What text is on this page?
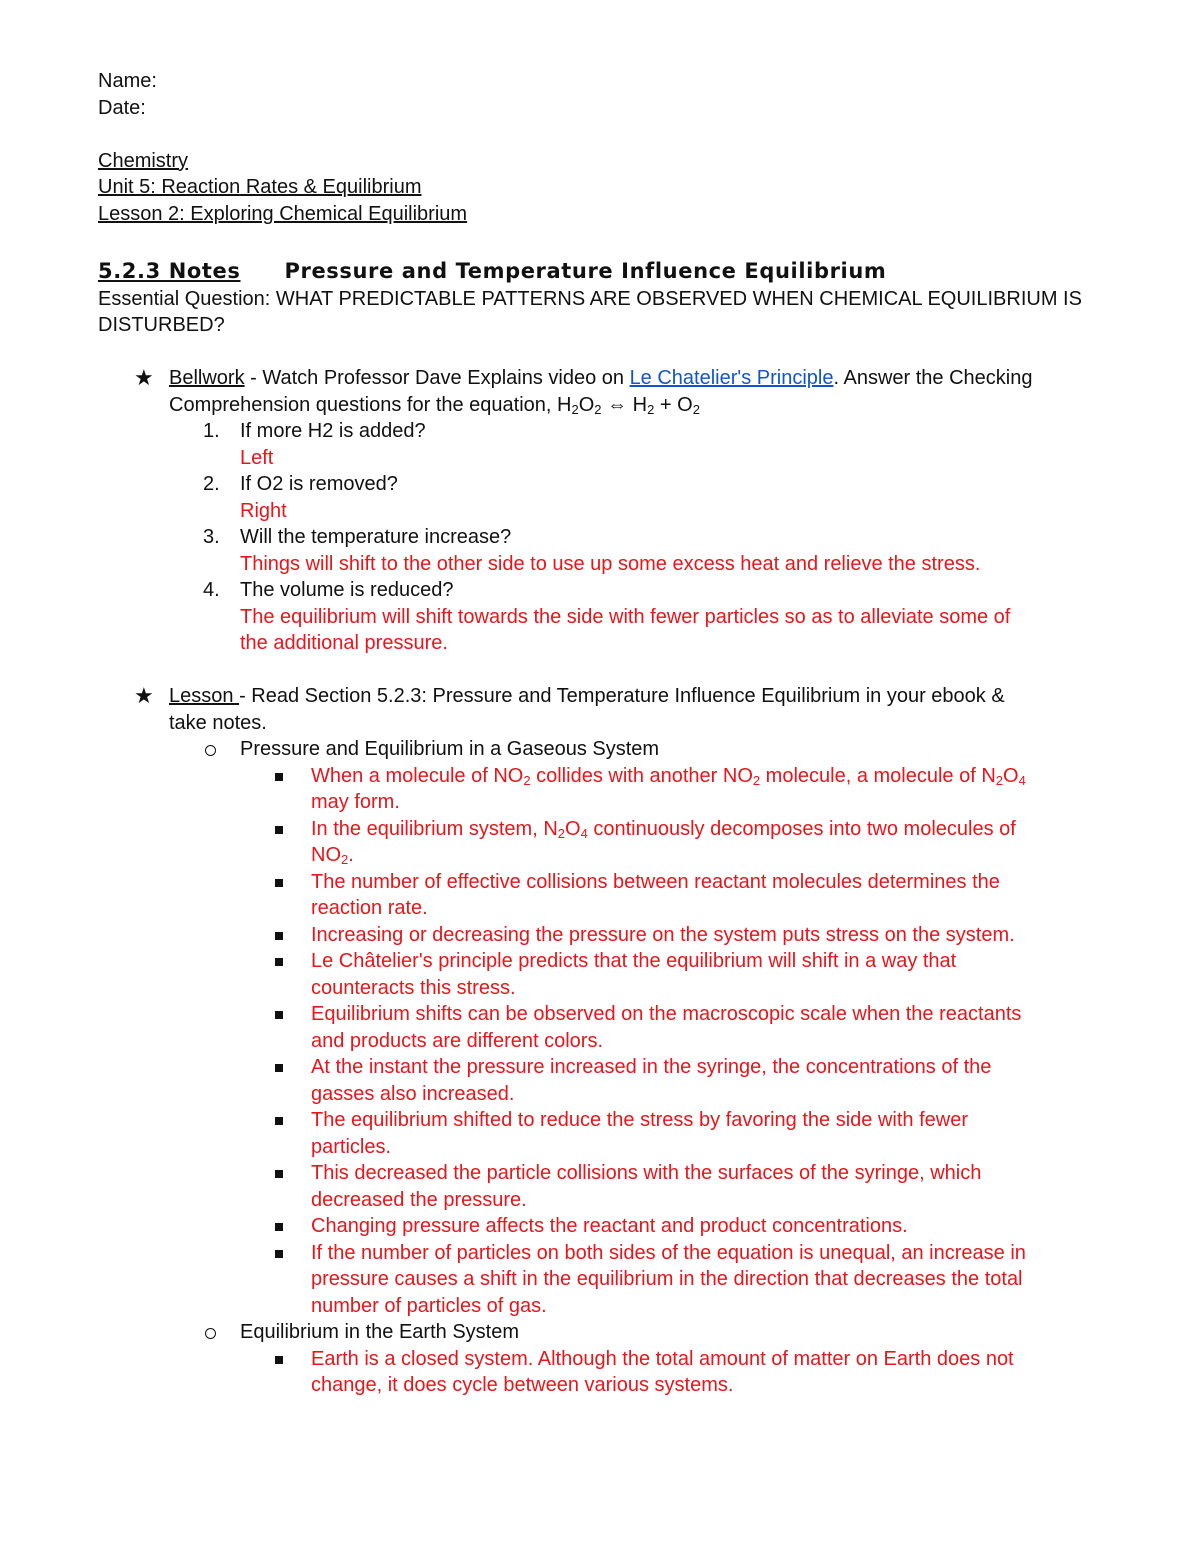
Name:
Date:
Chemistry
Unit 5: Reaction Rates & Equilibrium
Lesson 2: Exploring Chemical Equilibrium
5.2.3 Notes Pressure and Temperature Influence Equilibrium
Essential Question: WHAT PREDICTABLE PATTERNS ARE OBSERVED WHEN CHEMICAL EQUILIBRIUM IS
DISTURBED?
★ Bellwork - Watch Professor Dave Explains video on Le Chatelier's Principle. Answer the Checking
Comprehension questions for the equation, $H_2O_2$ ⇔ $H_2 + O_2$
1. If more H2 is added?
Left
2. If O2 is removed?
Right
3. Will the temperature increase?
Things will shift to the other side to use up some excess heat and relieve the stress.
4. The volume is reduced?
The equilibrium will shift towards the side with fewer particles so as to alleviate some of
the additional pressure.
★ Lesson - Read Section 5.2.3: Pressure and Temperature Influence Equilibrium in your ebook &
take notes.
Pressure and Equilibrium in a Gaseous System
When a molecule of $NO_2$ collides with another $NO_2$ molecule, a molecule of $N_2O_4$
may form.
In the equilibrium system, $N_2O_4$ continuously decomposes into two molecules of
$NO_2$.
The number of effective collisions between reactant molecules determines the
reaction rate.
Increasing or decreasing the pressure on the system puts stress on the system.
Le Châtelier's principle predicts that the equilibrium will shift in a way that
counteracts this stress.
Equilibrium shifts can be observed on the macroscopic scale when the reactants
and products are different colors.
At the instant the pressure increased in the syringe, the concentrations of the
gasses also increased.
The equilibrium shifted to reduce the stress by favoring the side with fewer
particles.
This decreased the particle collisions with the surfaces of the syringe, which
decreased the pressure.
Changing pressure affects the reactant and product concentrations.
If the number of particles on both sides of the equation is unequal, an increase in
pressure causes a shift in the equilibrium in the direction that decreases the total
number of particles of gas.
Equilibrium in the Earth System
Earth is a closed system. Although the total amount of matter on Earth does not
change, it does cycle between various systems.
